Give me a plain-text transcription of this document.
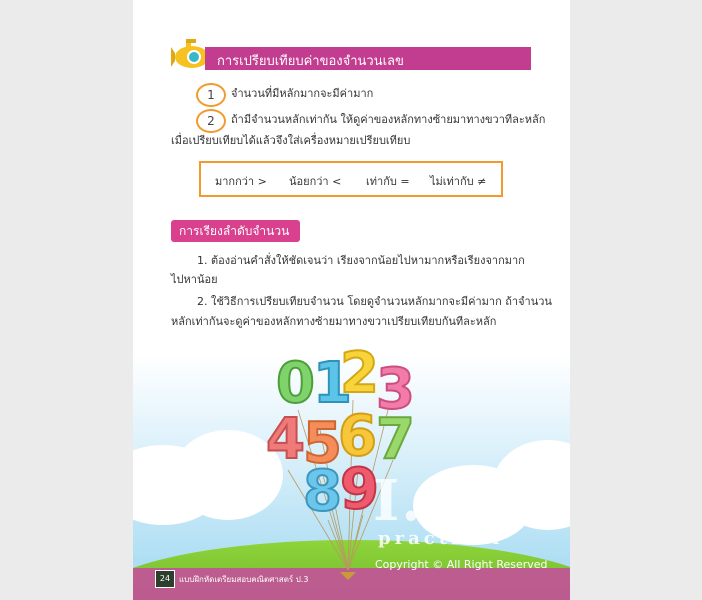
การเปรียบเทียบค่าของจำนวนเลข
1	จำนวนที่มีหลักมากจะมีค่ามาก
2	ถ้ามีจำนวนหลักเท่ากัน ให้ดูค่าของหลักทางซ้ายมาทางขวาทีละหลัก
เมื่อเปรียบเทียบได้แล้วจึงใส่เครื่องหมายเปรียบเทียบ
มากกว่า > น้อยกว่า < เท่ากับ = ไม่เท่ากับ ≠
การเรียงลำดับจำนวน
1. ต้องอ่านคำสั่งให้ชัดเจนว่า เรียงจากน้อยไปหามากหรือเรียงจากมาก
ไปหาน้อย
2. ใช้วิธีการเปรียบเทียบจำนวน โดยดูจำนวนหลักมากจะมีค่ามาก ถ้าจำนวน
หลักเท่ากันจะดูค่าของหลักทางซ้ายมาทางขวาเปรียบเทียบกันทีละหลัก
0
1
2
3
4
5
6 7
8
9
I.S.
practical
Copyright © All Right Reserved
24	แบบฝึกหัดเตรียมสอบคณิตศาสตร์ ป.3
